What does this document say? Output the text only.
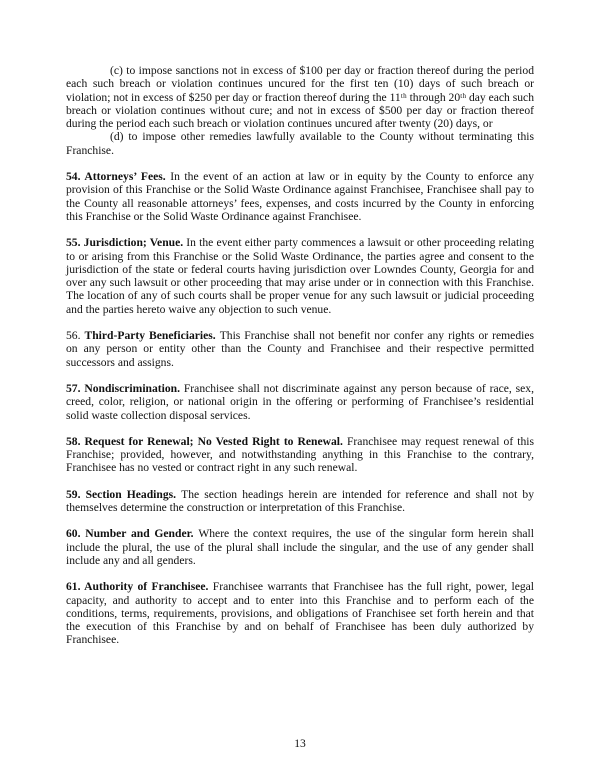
(c) to impose sanctions not in excess of $100 per day or fraction thereof during the period each such breach or violation continues uncured for the first ten (10) days of such breach or violation; not in excess of $250 per day or fraction thereof during the 11ᵗʰ through 20ᵗʰ day each such breach or violation continues without cure; and not in excess of $500 per day or fraction thereof during the period each such breach or violation continues uncured after twenty (20) days, or

(d) to impose other remedies lawfully available to the County without terminating this Franchise.

54. Attorneys’ Fees. In the event of an action at law or in equity by the County to enforce any provision of this Franchise or the Solid Waste Ordinance against Franchisee, Franchisee shall pay to the County all reasonable attorneys’ fees, expenses, and costs incurred by the County in enforcing this Franchise or the Solid Waste Ordinance against Franchisee.

55. Jurisdiction; Venue. In the event either party commences a lawsuit or other proceeding relating to or arising from this Franchise or the Solid Waste Ordinance, the parties agree and consent to the jurisdiction of the state or federal courts having jurisdiction over Lowndes County, Georgia for and over any such lawsuit or other proceeding that may arise under or in connection with this Franchise. The location of any of such courts shall be proper venue for any such lawsuit or judicial proceeding and the parties hereto waive any objection to such venue.

56. Third-Party Beneficiaries. This Franchise shall not benefit nor confer any rights or remedies on any person or entity other than the County and Franchisee and their respective permitted successors and assigns.

57. Nondiscrimination. Franchisee shall not discriminate against any person because of race, sex, creed, color, religion, or national origin in the offering or performing of Franchisee’s residential solid waste collection disposal services.

58. Request for Renewal; No Vested Right to Renewal. Franchisee may request renewal of this Franchise; provided, however, and notwithstanding anything in this Franchise to the contrary, Franchisee has no vested or contract right in any such renewal.

59. Section Headings. The section headings herein are intended for reference and shall not by themselves determine the construction or interpretation of this Franchise.

60. Number and Gender. Where the context requires, the use of the singular form herein shall include the plural, the use of the plural shall include the singular, and the use of any gender shall include any and all genders.

61. Authority of Franchisee. Franchisee warrants that Franchisee has the full right, power, legal capacity, and authority to accept and to enter into this Franchise and to perform each of the conditions, terms, requirements, provisions, and obligations of Franchisee set forth herein and that the execution of this Franchise by and on behalf of Franchisee has been duly authorized by Franchisee.

13
